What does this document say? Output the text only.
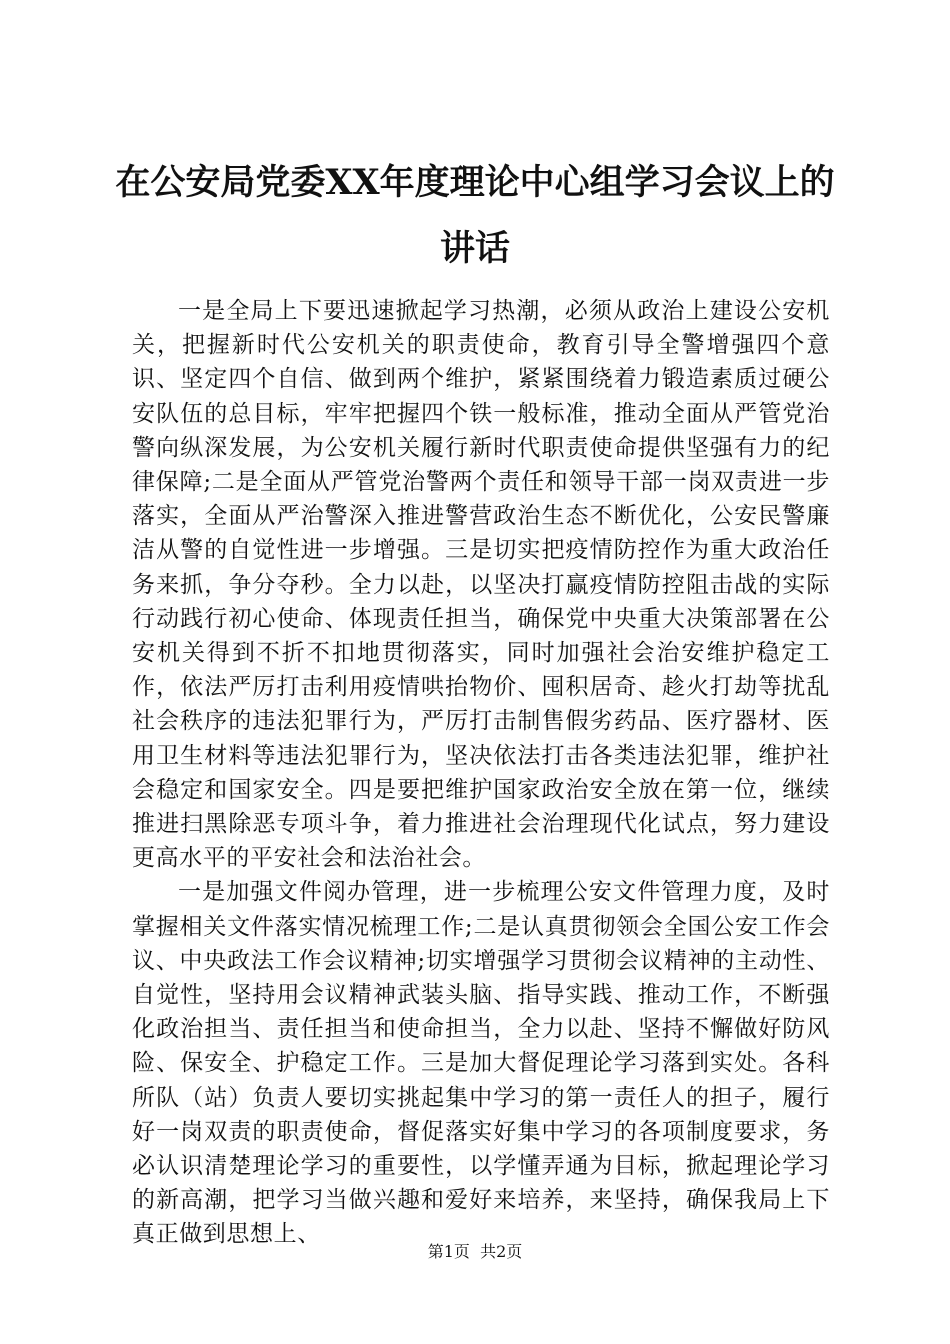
在公安局党委XX年度理论中心组学习会议上的讲话

一是全局上下要迅速掀起学习热潮，必须从政治上建设公安机关，把握新时代公安机关的职责使命，教育引导全警增强四个意识、坚定四个自信、做到两个维护，紧紧围绕着力锻造素质过硬公安队伍的总目标，牢牢把握四个铁一般标准，推动全面从严管党治警向纵深发展，为公安机关履行新时代职责使命提供坚强有力的纪律保障;二是全面从严管党治警两个责任和领导干部一岗双责进一步落实，全面从严治警深入推进警营政治生态不断优化，公安民警廉洁从警的自觉性进一步增强。三是切实把疫情防控作为重大政治任务来抓，争分夺秒。全力以赴，以坚决打赢疫情防控阻击战的实际行动践行初心使命、体现责任担当，确保党中央重大决策部署在公安机关得到不折不扣地贯彻落实，同时加强社会治安维护稳定工作，依法严厉打击利用疫情哄抬物价、囤积居奇、趁火打劫等扰乱社会秩序的违法犯罪行为，严厉打击制售假劣药品、医疗器材、医用卫生材料等违法犯罪行为，坚决依法打击各类违法犯罪，维护社会稳定和国家安全。四是要把维护国家政治安全放在第一位，继续推进扫黑除恶专项斗争，着力推进社会治理现代化试点，努力建设更高水平的平安社会和法治社会。

一是加强文件阅办管理，进一步梳理公安文件管理力度，及时掌握相关文件落实情况梳理工作;二是认真贯彻领会全国公安工作会议、中央政法工作会议精神;切实增强学习贯彻会议精神的主动性、自觉性，坚持用会议精神武装头脑、指导实践、推动工作，不断强化政治担当、责任担当和使命担当，全力以赴、坚持不懈做好防风险、保安全、护稳定工作。三是加大督促理论学习落到实处。各科所队（站）负责人要切实挑起集中学习的第一责任人的担子，履行好一岗双责的职责使命，督促落实好集中学习的各项制度要求，务必认识清楚理论学习的重要性，以学懂弄通为目标，掀起理论学习的新高潮，把学习当做兴趣和爱好来培养，来坚持，确保我局上下真正做到思想上、

第1页 共2页
